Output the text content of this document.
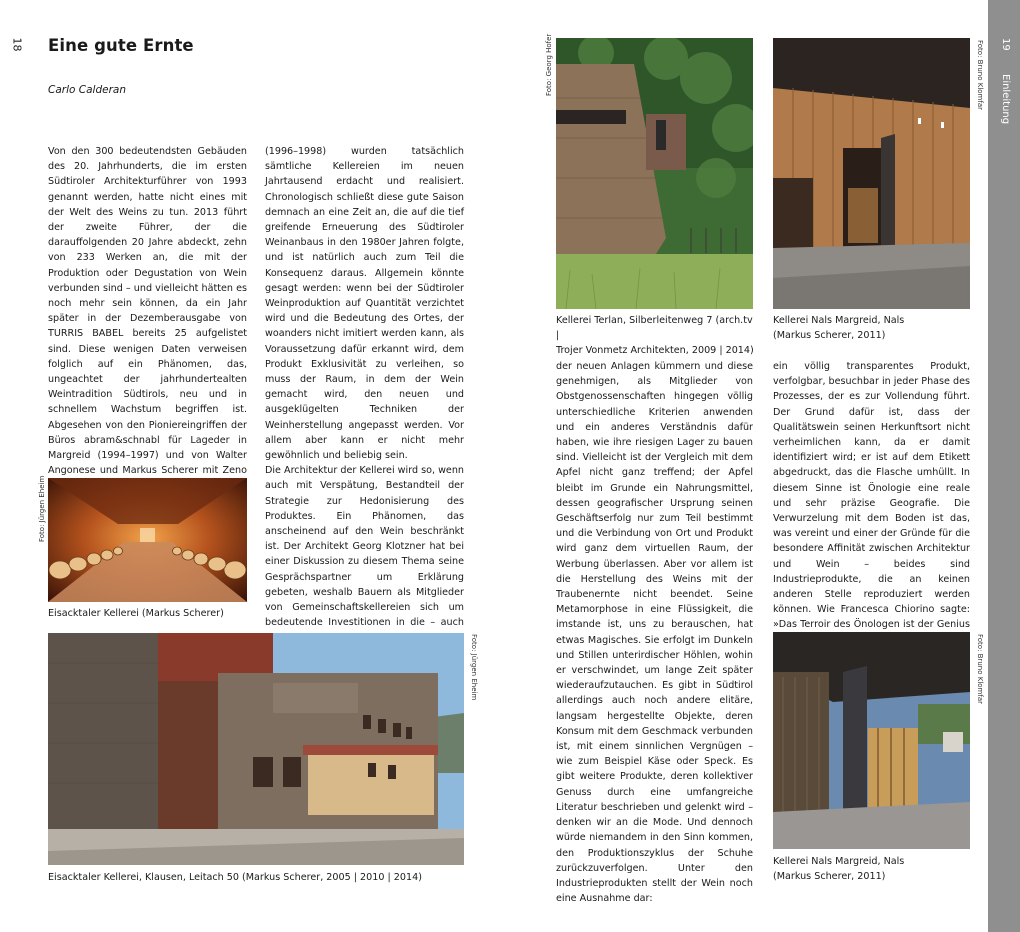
18 Eine gute Ernte
Carlo Calderan

Von den 300 bedeutendsten Gebäuden des 20. Jahrhunderts, die im ersten Südtiroler Architekturführer von 1993 genannt werden, hatte nicht eines mit der Welt des Weins zu tun. 2013 führt der zweite Führer, der die darauffolgenden 20 Jahre abdeckt, zehn von 233 Werken an, die mit der Produktion oder Degustation von Wein verbunden sind – und vielleicht hätten es noch mehr sein können, da ein Jahr später in der Dezemberausgabe von TURRIS BABEL bereits 25 aufgelistet sind. Diese wenigen Daten verweisen folglich auf ein Phänomen, das, ungeachtet der jahrhundertealten Weintradition Südtirols, neu und in schnellem Wachstum begriffen ist. Abgesehen von den Pioniereingriffen der Büros abram&schnabl für Lageder in Margreid (1994–1997) und von Walter Angonese und Markus Scherer mit Zeno

(1996–1998) wurden tatsächlich sämtliche Kellereien im neuen Jahrtausend erdacht und realisiert. Chronologisch schließt diese gute Saison demnach an eine Zeit an, die auf die tief greifende Erneuerung des Südtiroler Weinanbaus in den 1980er Jahren folgte, und ist natürlich auch zum Teil die Konsequenz daraus. Allgemein könnte gesagt werden: wenn bei der Südtiroler Weinproduktion auf Quantität verzichtet wird und die Bedeutung des Ortes, der woanders nicht imitiert werden kann, als Voraussetzung dafür erkannt wird, dem Produkt Exklusivität zu verleihen, so muss der Raum, in dem der Wein gemacht wird, den neuen und ausgeklügelten Techniken der Weinherstellung angepasst werden. Vor allem aber kann er nicht mehr gewöhnlich und beliebig sein.

Die Architektur der Kellerei wird so, wenn auch mit Verspätung, Bestandteil der Strategie zur Hedonisierung des Produktes. Ein Phänomen, das anscheinend auf den Wein beschränkt ist. Der Architekt Georg Klotzner hat bei einer Diskussion zu diesem Thema seine Gesprächspartner um Erklärung gebeten, weshalb Bauern als Mitglieder von Gemeinschaftskellereien sich um bedeutende Investitionen in die – auch

Foto: Jürgen Eheim
Eisacktaler Kellerei (Markus Scherer)
Foto: Jürgen Eheim
Eisacktaler Kellerei, Klausen, Leitach 50 (Markus Scherer, 2005 | 2010 | 2014)
Foto: Georg Hofer
Kellerei Terlan, Silberleitenweg 7 (arch.tv |
Trojer Vonmetz Architekten, 2009 | 2014)
Foto: Bruno Klomfar
Kellerei Nals Margreid, Nals
(Markus Scherer, 2011)

der neuen Anlagen kümmern und diese genehmigen, als Mitglieder von Obstgenossenschaften hingegen völlig unterschiedliche Kriterien anwenden und ein anderes Verständnis dafür haben, wie ihre riesigen Lager zu bauen sind. Vielleicht ist der Vergleich mit dem Apfel nicht ganz treffend; der Apfel bleibt im Grunde ein Nahrungsmittel, dessen geografischer Ursprung seinen Geschäftserfolg nur zum Teil bestimmt und die Verbindung von Ort und Produkt wird ganz dem virtuellen Raum, der Werbung überlassen. Aber vor allem ist die Herstellung des Weins mit der Traubenernte nicht beendet. Seine Metamorphose in eine Flüssigkeit, die imstande ist, uns zu berauschen, hat etwas Magisches. Sie erfolgt im Dunkeln und Stillen unterirdischer Höhlen, wohin er verschwindet, um lange Zeit später wiederaufzutauchen. Es gibt in Südtirol allerdings auch noch andere elitäre, langsam hergestellte Objekte, deren Konsum mit dem Geschmack verbunden ist, mit einem sinnlichen Vergnügen – wie zum Beispiel Käse oder Speck. Es gibt weitere Produkte, deren kollektiver Genuss durch eine umfangreiche Literatur beschrieben und gelenkt wird – denken wir an die Mode. Und dennoch würde niemandem in den Sinn kommen, den Produktionszyklus der Schuhe zurückzuverfolgen. Unter den Industrieprodukten stellt der Wein noch eine Ausnahme dar:

ein völlig transparentes Produkt, verfolgbar, besuchbar in jeder Phase des Prozesses, der es zur Vollendung führt. Der Grund dafür ist, dass der Qualitätswein seinen Herkunftsort nicht verheimlichen kann, da er damit identifiziert wird; er ist auf dem Etikett abgedruckt, das die Flasche umhüllt. In diesem Sinne ist Önologie eine reale und sehr präzise Geografie. Die Verwurzelung mit dem Boden ist das, was vereint und einer der Gründe für die besondere Affinität zwischen Architektur und Wein – beides sind Industrieprodukte, die an keinen anderen Stelle reproduziert werden können. Wie Francesca Chiorino sagte: »Das Terroir des Önologen ist der Genius

Foto: Bruno Klomfar
Kellerei Nals Margreid, Nals
(Markus Scherer, 2011)
19
Einleitung
